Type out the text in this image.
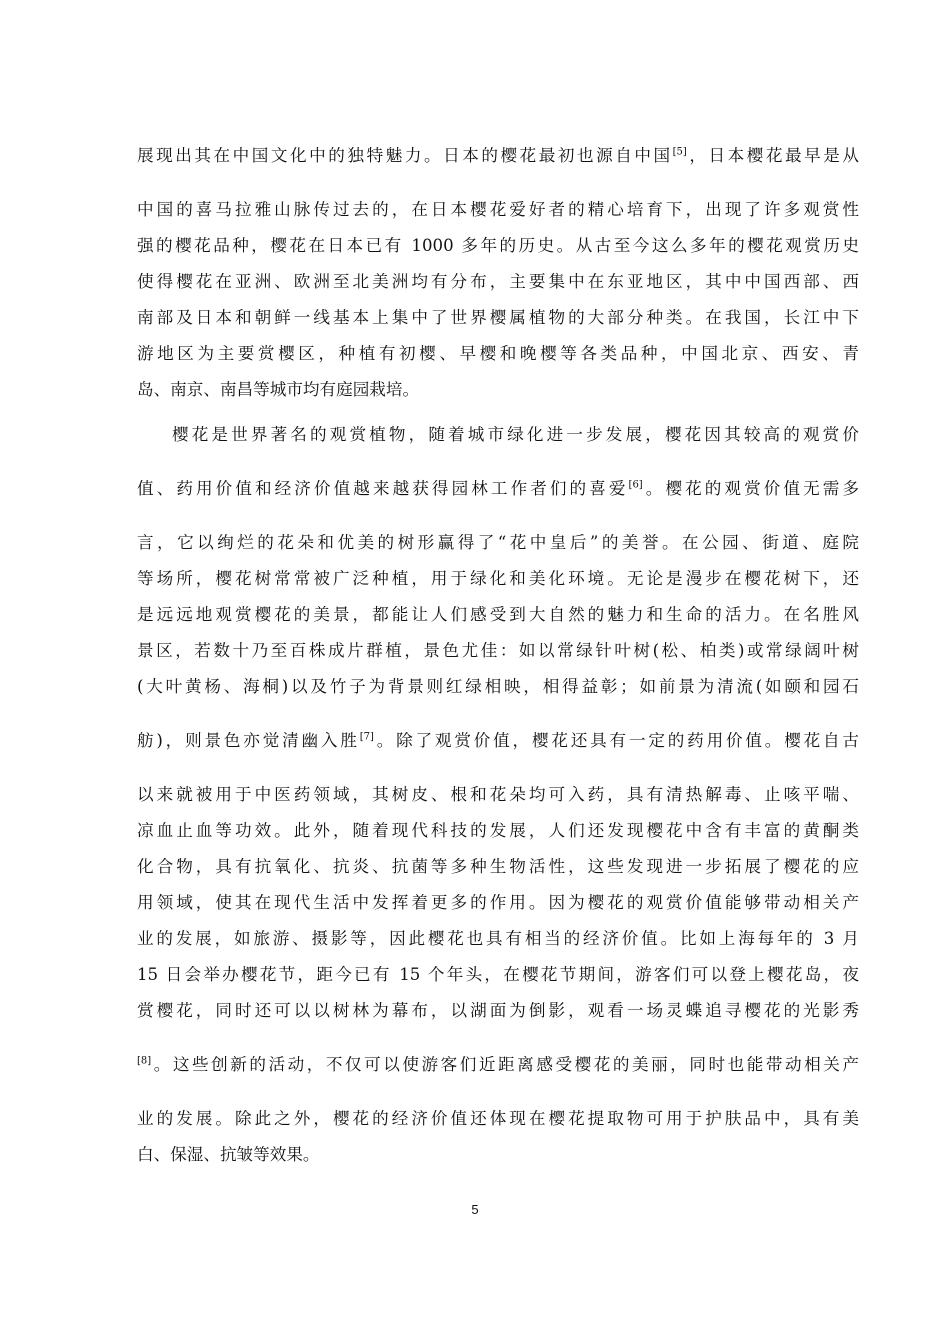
展现出其在中国文化中的独特魅力。日本的樱花最初也源自中国[5]，日本樱花最早是从
中国的喜马拉雅山脉传过去的，在日本樱花爱好者的精心培育下，出现了许多观赏性
强的樱花品种，樱花在日本已有 1000 多年的历史。从古至今这么多年的樱花观赏历史
使得樱花在亚洲、欧洲至北美洲均有分布，主要集中在东亚地区，其中中国西部、西
南部及日本和朝鲜一线基本上集中了世界樱属植物的大部分种类。在我国，长江中下
游地区为主要赏樱区，种植有初樱、早樱和晚樱等各类品种，中国北京、西安、青
岛、南京、南昌等城市均有庭园栽培。
樱花是世界著名的观赏植物，随着城市绿化进一步发展，樱花因其较高的观赏价
值、药用价值和经济价值越来越获得园林工作者们的喜爱[6]。樱花的观赏价值无需多
言，它以绚烂的花朵和优美的树形赢得了“花中皇后”的美誉。在公园、街道、庭院
等场所，樱花树常常被广泛种植，用于绿化和美化环境。无论是漫步在樱花树下，还
是远远地观赏樱花的美景，都能让人们感受到大自然的魅力和生命的活力。在名胜风
景区，若数十乃至百株成片群植，景色尤佳：如以常绿针叶树(松、柏类)或常绿阔叶树
(大叶黄杨、海桐)以及竹子为背景则红绿相映，相得益彰；如前景为清流(如颐和园石
舫)，则景色亦觉清幽入胜[7]。除了观赏价值，樱花还具有一定的药用价值。樱花自古
以来就被用于中医药领域，其树皮、根和花朵均可入药，具有清热解毒、止咳平喘、
凉血止血等功效。此外，随着现代科技的发展，人们还发现樱花中含有丰富的黄酮类
化合物，具有抗氧化、抗炎、抗菌等多种生物活性，这些发现进一步拓展了樱花的应
用领域，使其在现代生活中发挥着更多的作用。因为樱花的观赏价值能够带动相关产
业的发展，如旅游、摄影等，因此樱花也具有相当的经济价值。比如上海每年的 3 月
15 日会举办樱花节，距今已有 15 个年头，在樱花节期间，游客们可以登上樱花岛，夜
赏樱花，同时还可以以树林为幕布，以湖面为倒影，观看一场灵蝶追寻樱花的光影秀
[8]。这些创新的活动，不仅可以使游客们近距离感受樱花的美丽，同时也能带动相关产
业的发展。除此之外，樱花的经济价值还体现在樱花提取物可用于护肤品中，具有美
白、保湿、抗皱等效果。
5
